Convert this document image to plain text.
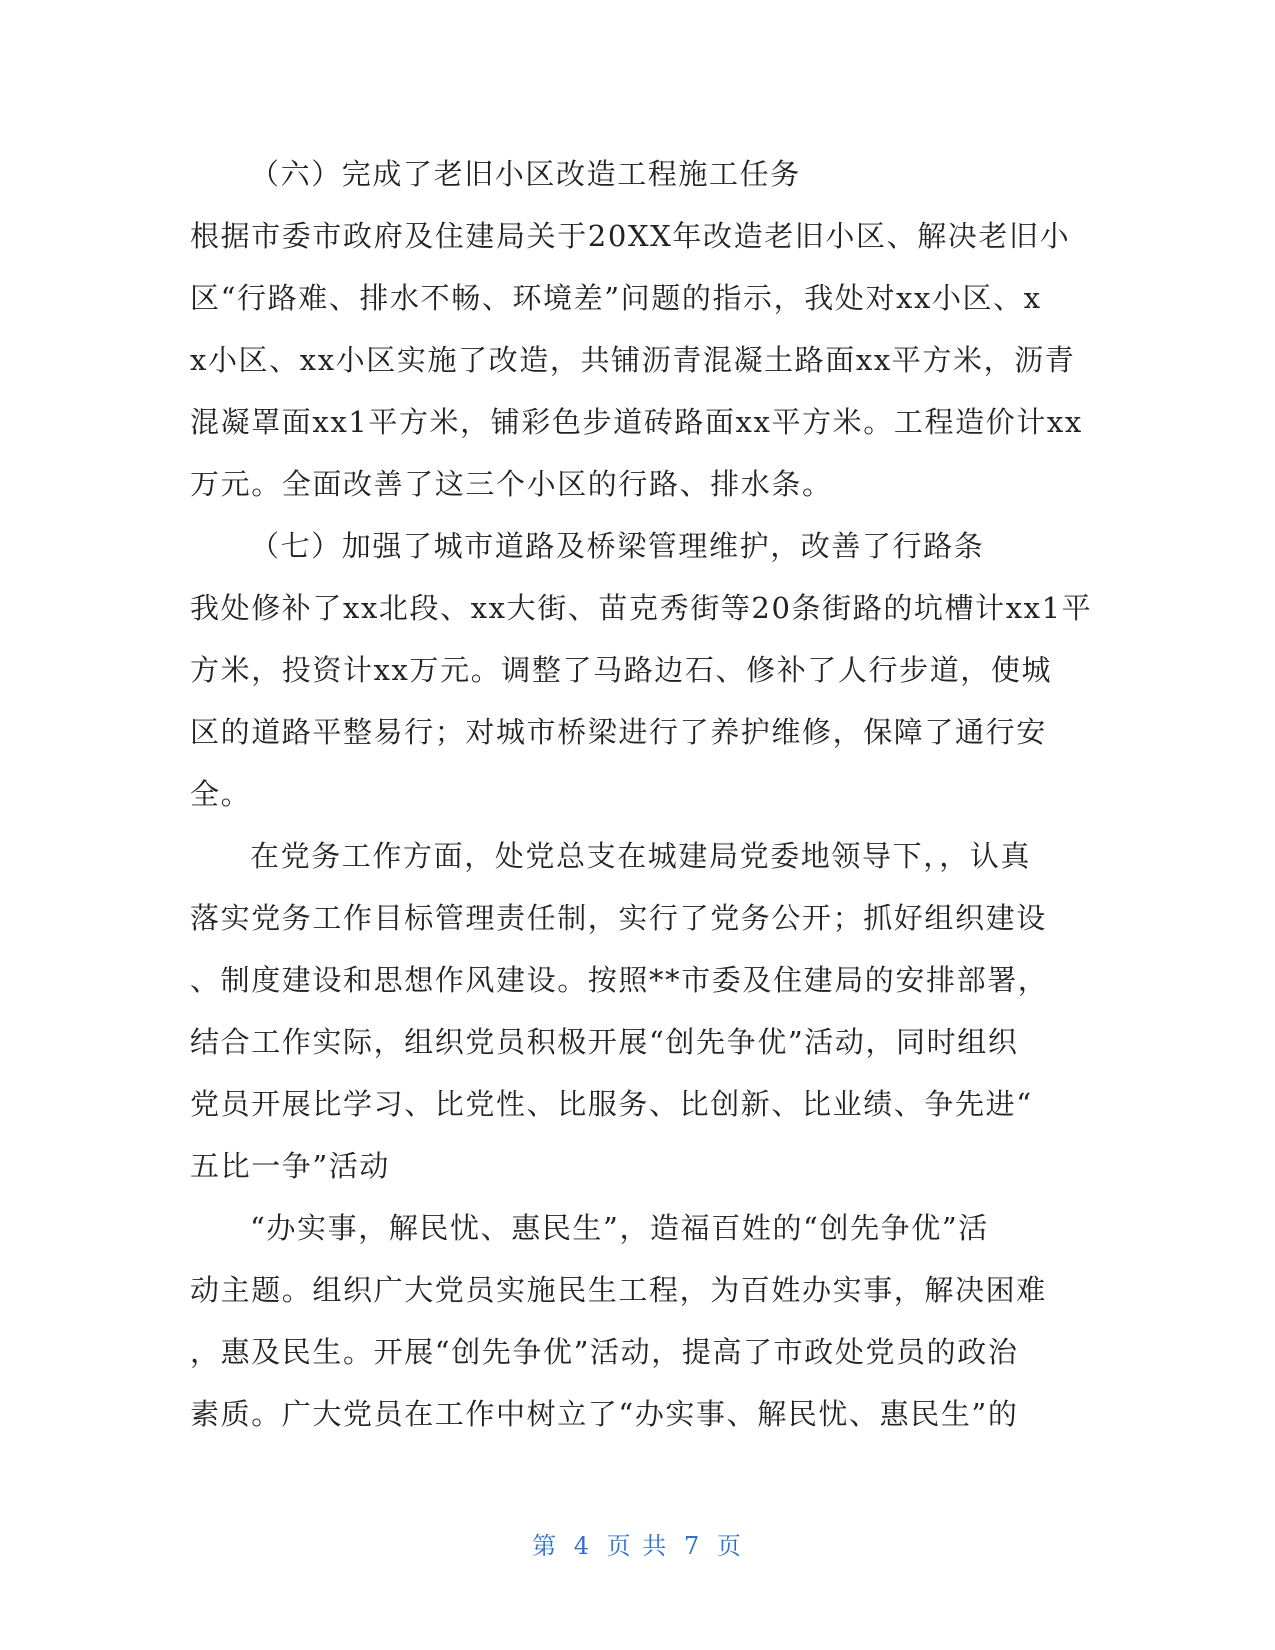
（六）完成了老旧小区改造工程施工任务
根据市委市政府及住建局关于20XX年改造老旧小区、解决老旧小
区“行路难、排水不畅、环境差”问题的指示，我处对xx小区、x
x小区、xx小区实施了改造，共铺沥青混凝土路面xx平方米，沥青
混凝罩面xx1平方米，铺彩色步道砖路面xx平方米。工程造价计xx
万元。全面改善了这三个小区的行路、排水条。
（七）加强了城市道路及桥梁管理维护，改善了行路条
我处修补了xx北段、xx大街、苗克秀街等20条街路的坑槽计xx1平
方米，投资计xx万元。调整了马路边石、修补了人行步道，使城
区的道路平整易行；对城市桥梁进行了养护维修，保障了通行安
全。
在党务工作方面，处党总支在城建局党委地领导下，，认真
落实党务工作目标管理责任制，实行了党务公开；抓好组织建设
、制度建设和思想作风建设。按照**市委及住建局的安排部署，
结合工作实际，组织党员积极开展“创先争优”活动，同时组织
党员开展比学习、比党性、比服务、比创新、比业绩、争先进“
五比一争”活动
“办实事，解民忧、惠民生”，造福百姓的“创先争优”活
动主题。组织广大党员实施民生工程，为百姓办实事，解决困难
，惠及民生。开展“创先争优”活动，提高了市政处党员的政治
素质。广大党员在工作中树立了“办实事、解民忧、惠民生”的
第 4 页 共 7 页
